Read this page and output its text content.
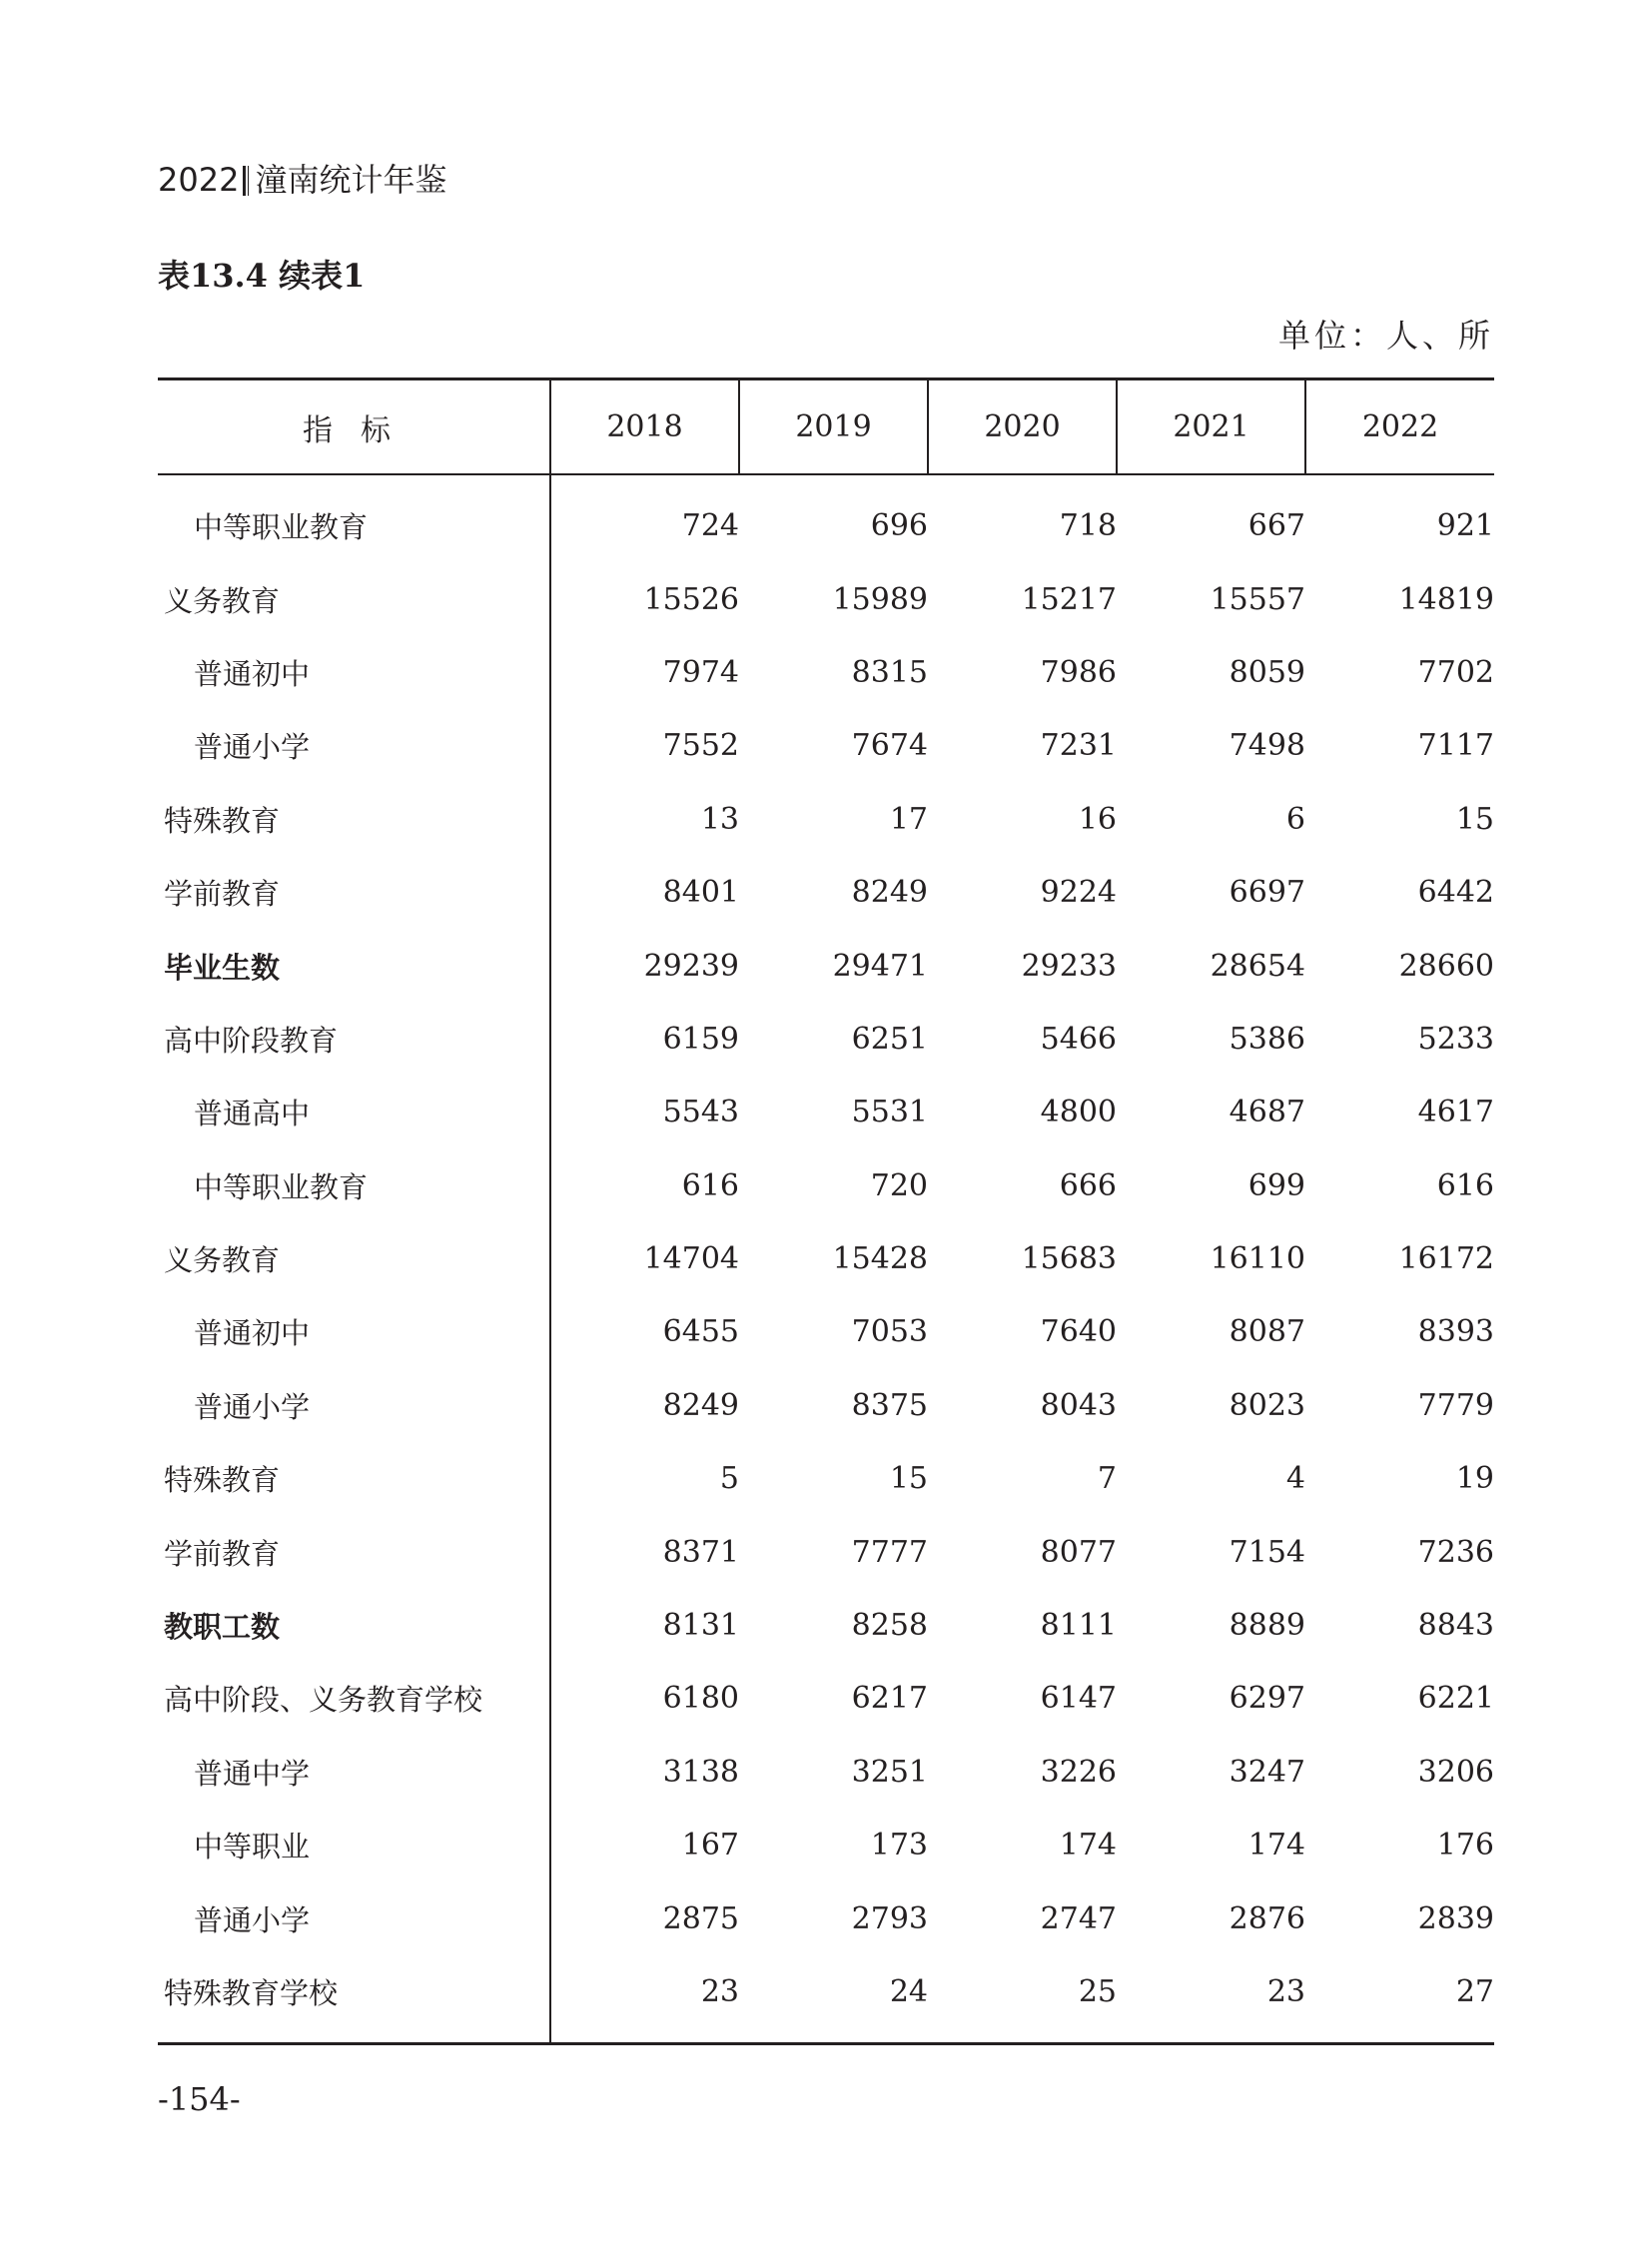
2022 潼南统计年鉴
表13.4 续表1
单位：人、所
指标	2018	2019	2020	2021	2022
中等职业教育	724	696	718	667	921
义务教育	15526	15989	15217	15557	14819
普通初中	7974	8315	7986	8059	7702
普通小学	7552	7674	7231	7498	7117
特殊教育	13	17	16	6	15
学前教育	8401	8249	9224	6697	6442
毕业生数	29239	29471	29233	28654	28660
高中阶段教育	6159	6251	5466	5386	5233
普通高中	5543	5531	4800	4687	4617
中等职业教育	616	720	666	699	616
义务教育	14704	15428	15683	16110	16172
普通初中	6455	7053	7640	8087	8393
普通小学	8249	8375	8043	8023	7779
特殊教育	5	15	7	4	19
学前教育	8371	7777	8077	7154	7236
教职工数	8131	8258	8111	8889	8843
高中阶段、义务教育学校	6180	6217	6147	6297	6221
普通中学	3138	3251	3226	3247	3206
中等职业	167	173	174	174	176
普通小学	2875	2793	2747	2876	2839
特殊教育学校	23	24	25	23	27
-154-
